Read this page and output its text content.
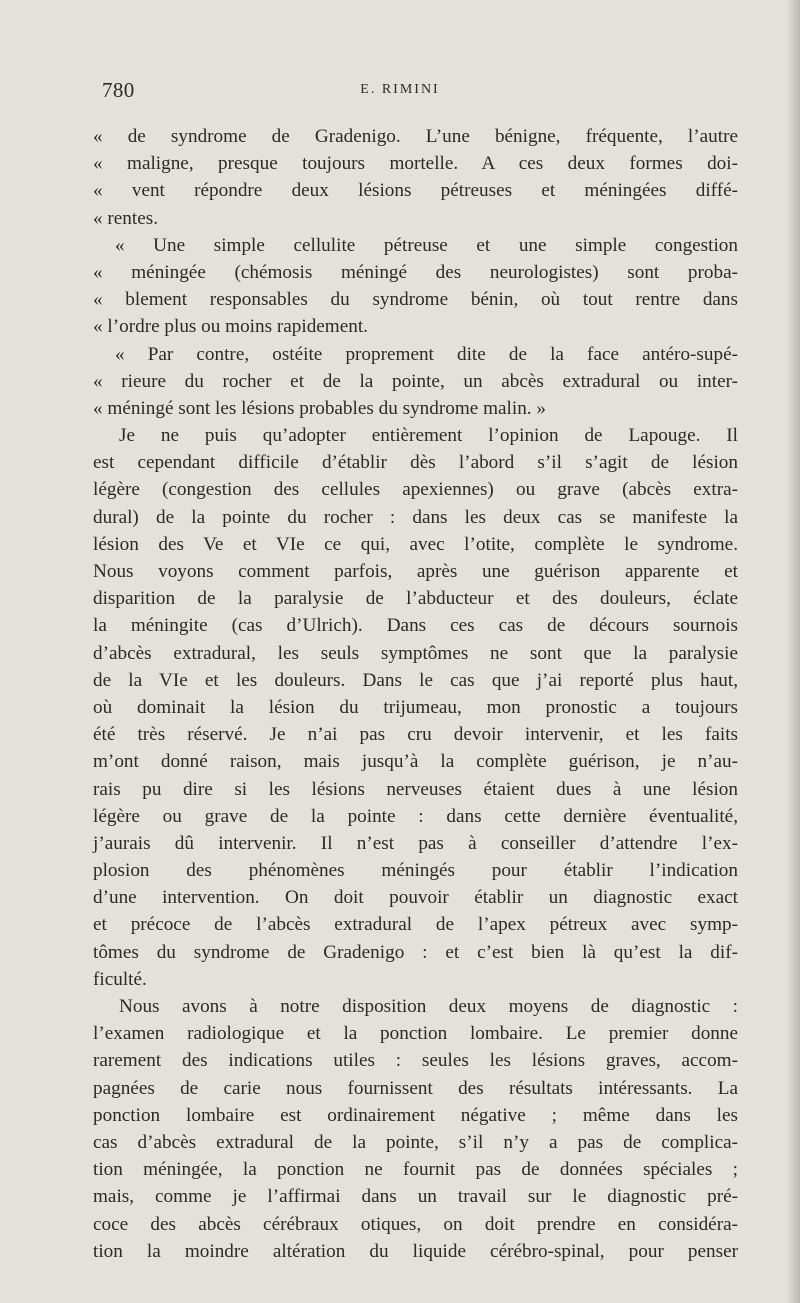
780	E. RIMINI
« de syndrome de Gradenigo. L’une bénigne, fréquente, l’autre
« maligne, presque toujours mortelle. A ces deux formes doi-
« vent répondre deux lésions pétreuses et méningées diffé-
« rentes.
« Une simple cellulite pétreuse et une simple congestion
« méningée (chémosis méningé des neurologistes) sont proba-
« blement responsables du syndrome bénin, où tout rentre dans
« l’ordre plus ou moins rapidement.
« Par contre, ostéite proprement dite de la face antéro-supé-
« rieure du rocher et de la pointe, un abcès extradural ou inter-
« méningé sont les lésions probables du syndrome malin. »
Je ne puis qu’adopter entièrement l’opinion de Lapouge. Il
est cependant difficile d’établir dès l’abord s’il s’agit de lésion
légère (congestion des cellules apexiennes) ou grave (abcès extra-
dural) de la pointe du rocher : dans les deux cas se manifeste la
lésion des Ve et VIe ce qui, avec l’otite, complète le syndrome.
Nous voyons comment parfois, après une guérison apparente et
disparition de la paralysie de l’abducteur et des douleurs, éclate
la méningite (cas d’Ulrich). Dans ces cas de décours sournois
d’abcès extradural, les seuls symptômes ne sont que la paralysie
de la VIe et les douleurs. Dans le cas que j’ai reporté plus haut,
où dominait la lésion du trijumeau, mon pronostic a toujours
été très réservé. Je n’ai pas cru devoir intervenir, et les faits
m’ont donné raison, mais jusqu’à la complète guérison, je n’au-
rais pu dire si les lésions nerveuses étaient dues à une lésion
légère ou grave de la pointe : dans cette dernière éventualité,
j’aurais dû intervenir. Il n’est pas à conseiller d’attendre l’ex-
plosion des phénomènes méningés pour établir l’indication
d’une intervention. On doit pouvoir établir un diagnostic exact
et précoce de l’abcès extradural de l’apex pétreux avec symp-
tômes du syndrome de Gradenigo : et c’est bien là qu’est la dif-
ficulté.
Nous avons à notre disposition deux moyens de diagnostic :
l’examen radiologique et la ponction lombaire. Le premier donne
rarement des indications utiles : seules les lésions graves, accom-
pagnées de carie nous fournissent des résultats intéressants. La
ponction lombaire est ordinairement négative ; même dans les
cas d’abcès extradural de la pointe, s’il n’y a pas de complica-
tion méningée, la ponction ne fournit pas de données spéciales ;
mais, comme je l’affirmai dans un travail sur le diagnostic pré-
coce des abcès cérébraux otiques, on doit prendre en considéra-
tion la moindre altération du liquide cérébro-spinal, pour penser
